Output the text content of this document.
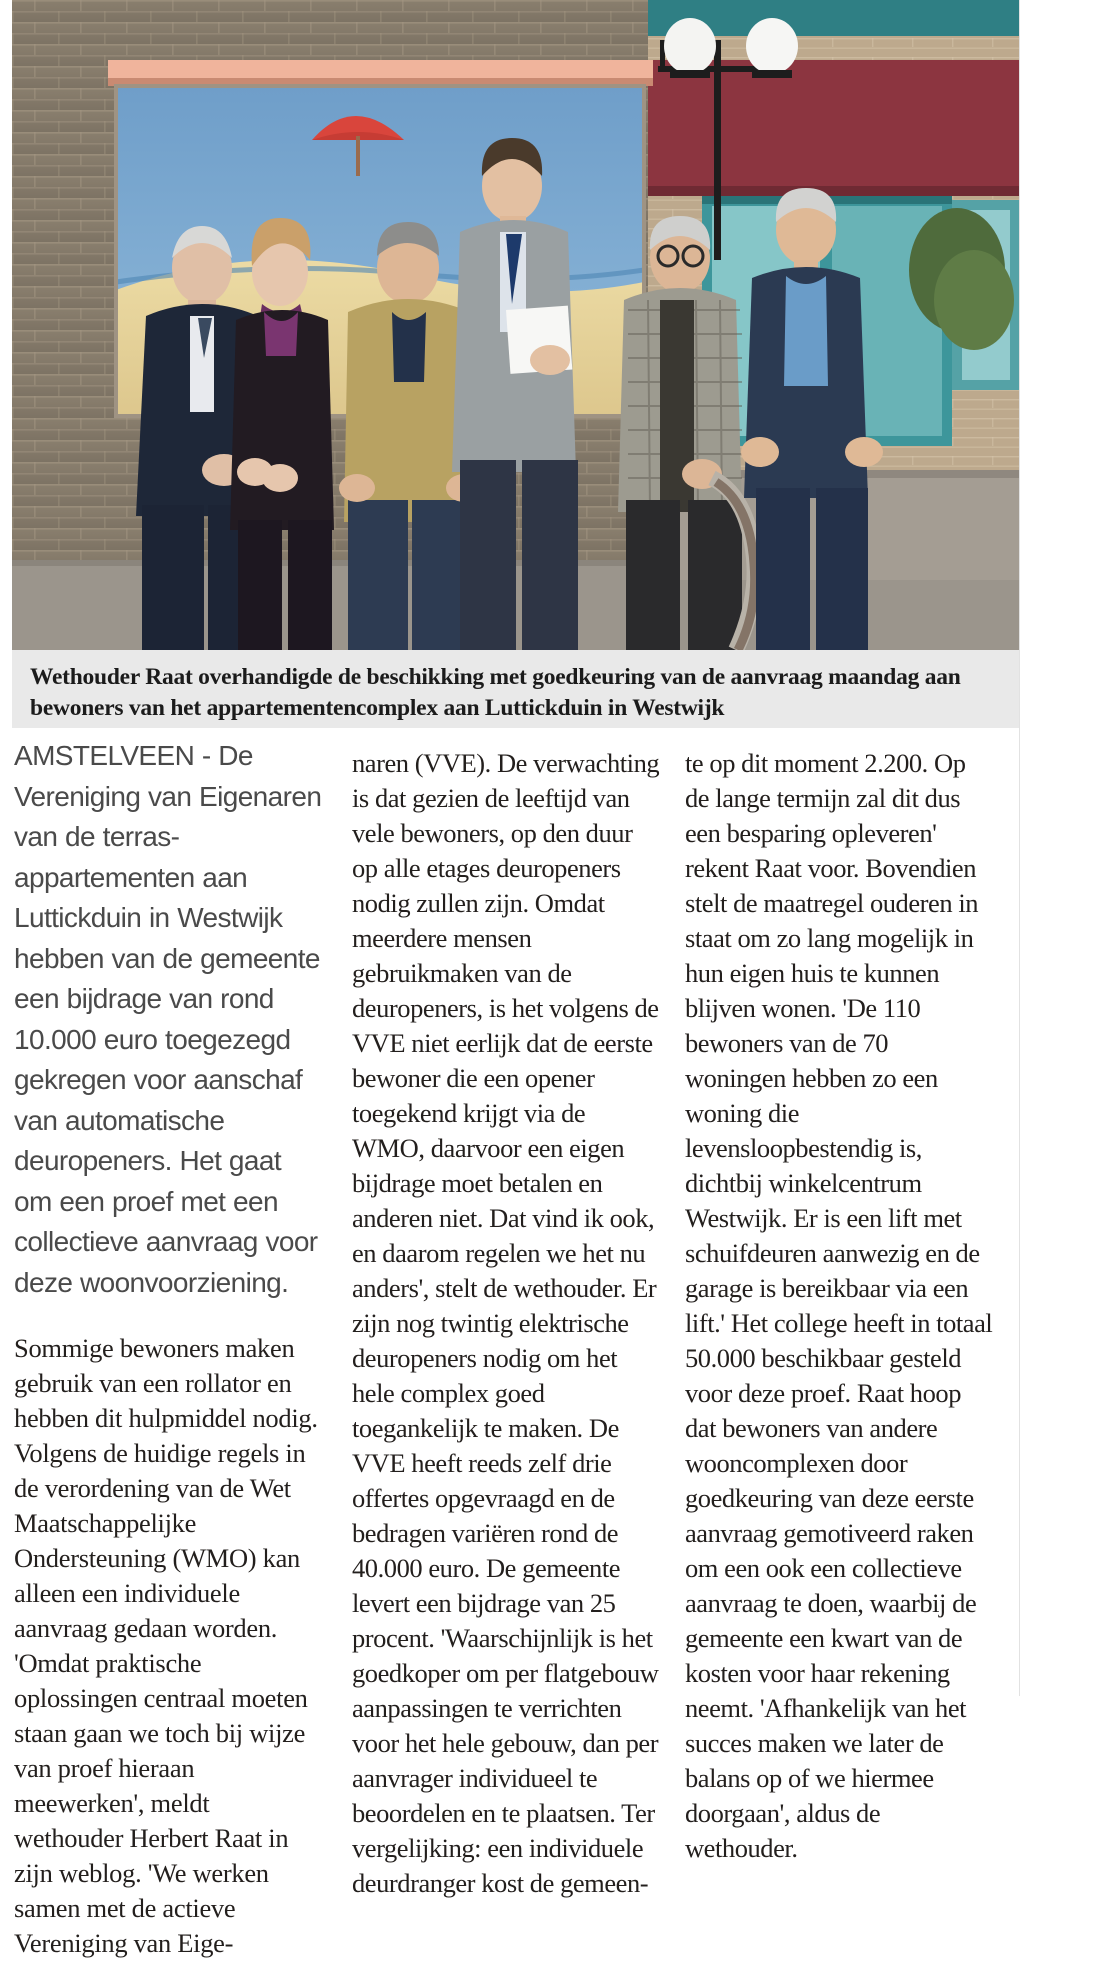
Wethouder Raat overhandigde de beschikking met goedkeuring van de aanvraag maandag aan bewoners van het appartementencomplex aan Luttickduin in Westwijk

AMSTELVEEN - De Vereniging van Eigenaren van de terras-appartementen aan Luttickduin in Westwijk hebben van de gemeente een bijdrage van rond 10.000 euro toegezegd gekregen voor aanschaf van automatische deuropeners. Het gaat om een proef met een collectieve aanvraag voor deze woonvoorziening.

Sommige bewoners maken gebruik van een rollator en hebben dit hulpmiddel nodig. Volgens de huidige regels in de verordening van de Wet Maatschappelijke Ondersteuning (WMO) kan alleen een individuele aanvraag gedaan worden. 'Omdat praktische oplossingen centraal moeten staan gaan we toch bij wijze van proef hieraan meewerken', meldt wethouder Herbert Raat in zijn weblog. 'We werken samen met de actieve Vereniging van Eige-

naren (VVE). De verwachting is dat gezien de leeftijd van vele bewoners, op den duur op alle etages deuropeners nodig zullen zijn. Omdat meerdere mensen gebruikmaken van de deuropeners, is het volgens de VVE niet eerlijk dat de eerste bewoner die een opener toegekend krijgt via de WMO, daarvoor een eigen bijdrage moet betalen en anderen niet. Dat vind ik ook, en daarom regelen we het nu anders', stelt de wethouder. Er zijn nog twintig elektrische deuropeners nodig om het hele complex goed toegankelijk te maken. De VVE heeft reeds zelf drie offertes opgevraagd en de bedragen variëren rond de 40.000 euro. De gemeente levert een bijdrage van 25 procent. 'Waarschijnlijk is het goedkoper om per flatgebouw aanpassingen te verrichten voor het hele gebouw, dan per aanvrager individueel te beoordelen en te plaatsen. Ter vergelijking: een individuele deurdranger kost de gemeen-

te op dit moment 2.200. Op de lange termijn zal dit dus een besparing opleveren' rekent Raat voor. Bovendien stelt de maatregel ouderen in staat om zo lang mogelijk in hun eigen huis te kunnen blijven wonen. 'De 110 bewoners van de 70 woningen hebben zo een woning die levensloopbestendig is, dichtbij winkelcentrum Westwijk. Er is een lift met schuifdeuren aanwezig en de garage is bereikbaar via een lift.' Het college heeft in totaal 50.000 beschikbaar gesteld voor deze proef. Raat hoop dat bewoners van andere wooncomplexen door goedkeuring van deze eerste aanvraag gemotiveerd raken om een ook een collectieve aanvraag te doen, waarbij de gemeente een kwart van de kosten voor haar rekening neemt. 'Afhankelijk van het succes maken we later de balans op of we hiermee doorgaan', aldus de wethouder.
